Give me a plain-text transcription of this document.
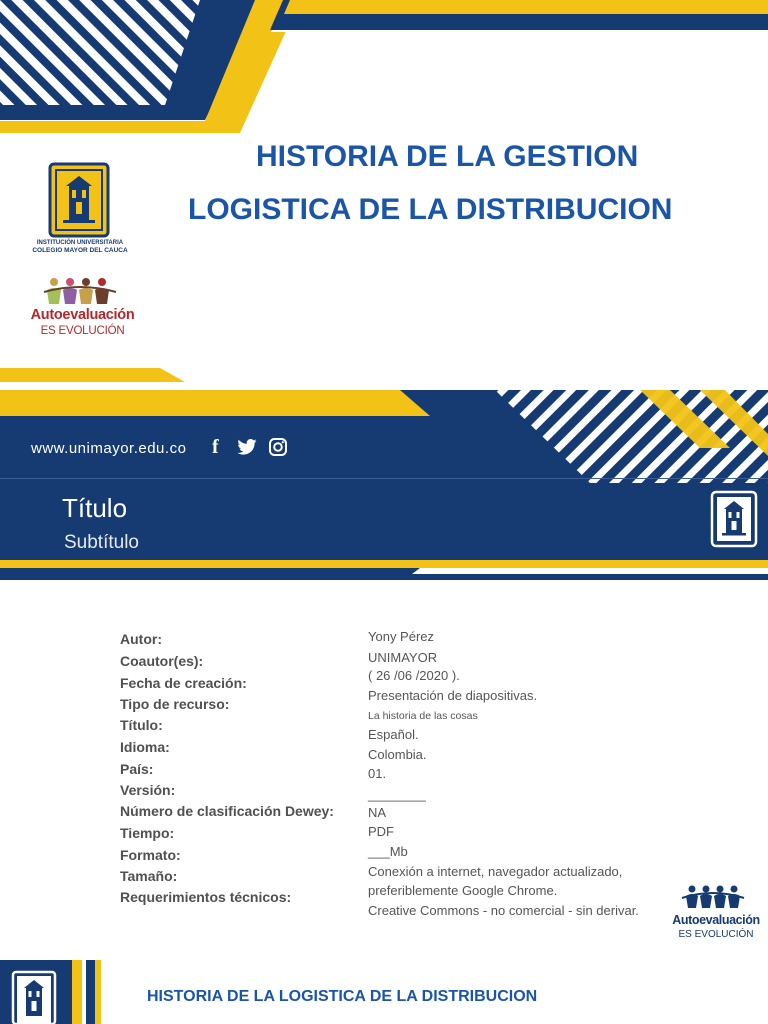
HISTORIA DE LA GESTION
LOGISTICA DE LA DISTRIBUCION
INSTITUCIÓN UNIVERSITARIA
COLEGIO MAYOR DEL CAUCA
Autoevaluación
ES EVOLUCIÓN
www.unimayor.edu.co f
Título
Subtítulo
Autor:
Coautor(es):
Fecha de creación:
Tipo de recurso:
Título:
Idioma:
País:
Versión:
Número de clasificación Dewey:
Tiempo:
Formato:
Tamaño:
Requerimientos técnicos:
Yony Pérez
UNIMAYOR
( 26 /06 /2020 ).
Presentación de diapositivas.
La historia de las cosas
Español.
Colombia.
01.
________
NA
PDF
___Mb
Conexión a internet, navegador actualizado,
preferiblemente Google Chrome.
Creative Commons - no comercial - sin derivar.
Autoevaluación
ES EVOLUCIÓN
HISTORIA DE LA LOGISTICA DE LA DISTRIBUCION
